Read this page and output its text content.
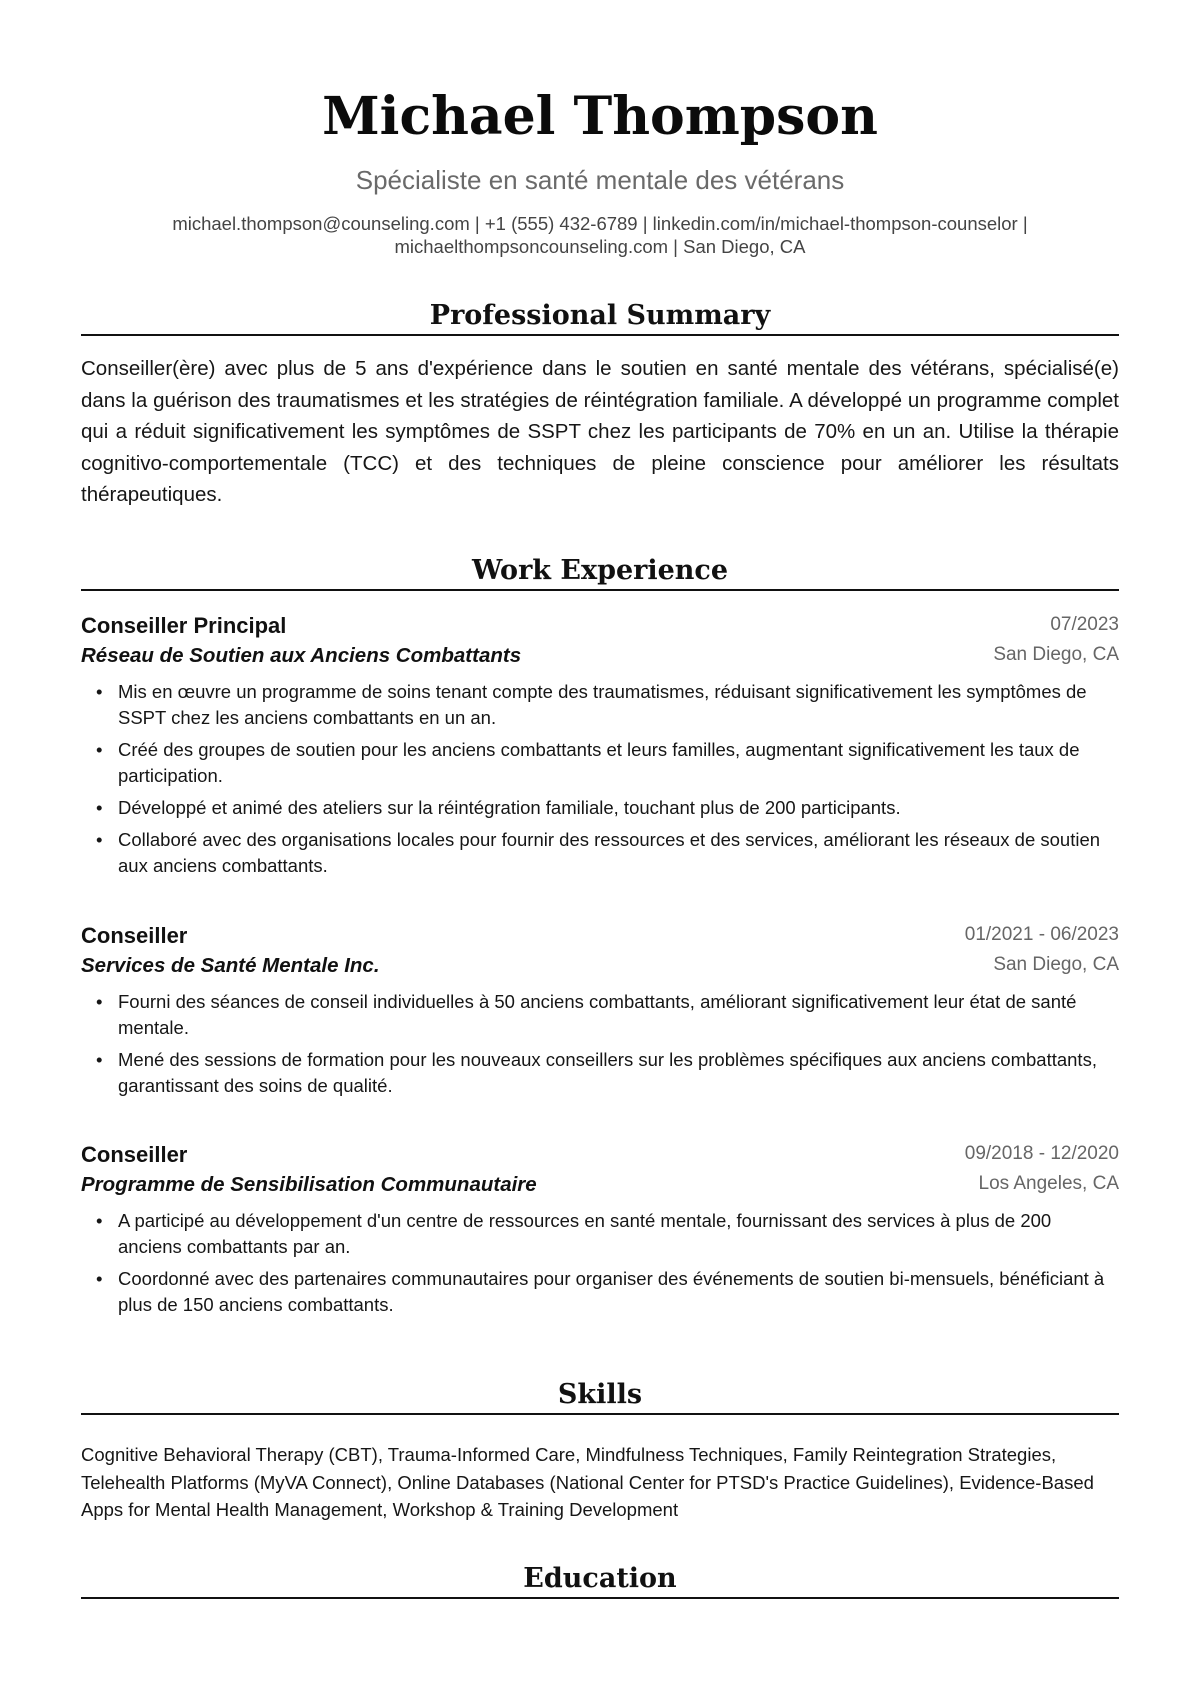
Michael Thompson
Spécialiste en santé mentale des vétérans
michael.thompson@counseling.com | +1 (555) 432-6789 | linkedin.com/in/michael-thompson-counselor |
michaelthompsoncounseling.com | San Diego, CA
Professional Summary

Conseiller(ère) avec plus de 5 ans d'expérience dans le soutien en santé mentale des vétérans, spécialisé(e) dans la guérison des traumatismes et les stratégies de réintégration familiale. A développé un programme complet qui a réduit significativement les symptômes de SSPT chez les participants de 70% en un an. Utilise la thérapie cognitivo-comportementale (TCC) et des techniques de pleine conscience pour améliorer les résultats thérapeutiques.

Work Experience
Conseiller Principal	07/2023
Réseau de Soutien aux Anciens Combattants	San Diego, CA
• Mis en œuvre un programme de soins tenant compte des traumatismes, réduisant significativement les symptômes de SSPT chez les anciens combattants en un an.
• Créé des groupes de soutien pour les anciens combattants et leurs familles, augmentant significativement les taux de participation.
• Développé et animé des ateliers sur la réintégration familiale, touchant plus de 200 participants.
• Collaboré avec des organisations locales pour fournir des ressources et des services, améliorant les réseaux de soutien aux anciens combattants.
Conseiller	01/2021 - 06/2023
Services de Santé Mentale Inc.	San Diego, CA
• Fourni des séances de conseil individuelles à 50 anciens combattants, améliorant significativement leur état de santé mentale.
• Mené des sessions de formation pour les nouveaux conseillers sur les problèmes spécifiques aux anciens combattants, garantissant des soins de qualité.
Conseiller	09/2018 - 12/2020
Programme de Sensibilisation Communautaire	Los Angeles, CA
• A participé au développement d'un centre de ressources en santé mentale, fournissant des services à plus de 200 anciens combattants par an.
• Coordonné avec des partenaires communautaires pour organiser des événements de soutien bi-mensuels, bénéficiant à plus de 150 anciens combattants.
Skills

Cognitive Behavioral Therapy (CBT), Trauma-Informed Care, Mindfulness Techniques, Family Reintegration Strategies, Telehealth Platforms (MyVA Connect), Online Databases (National Center for PTSD's Practice Guidelines), Evidence-Based Apps for Mental Health Management, Workshop & Training Development

Education
